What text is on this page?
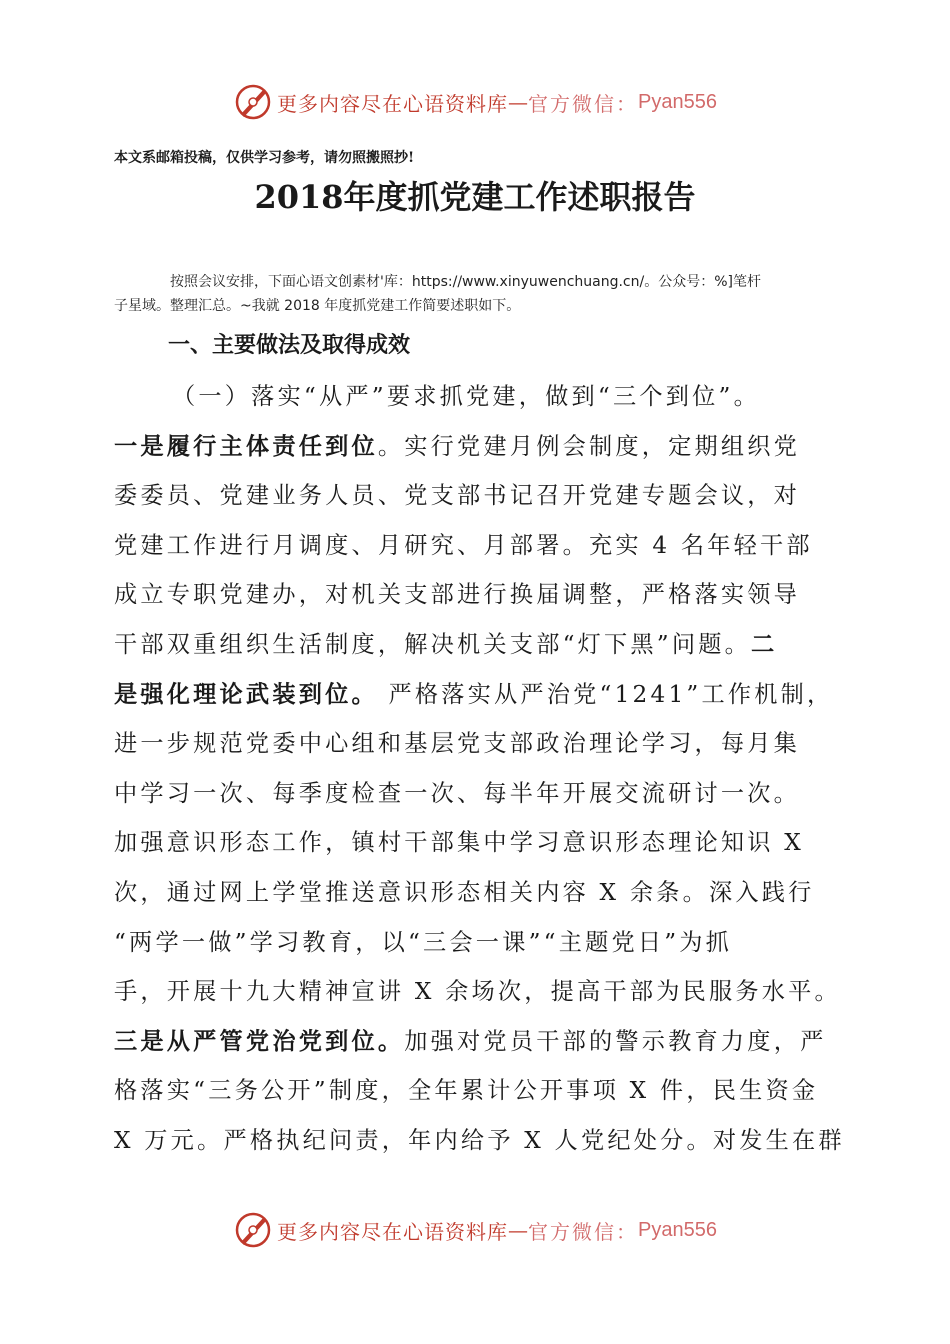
更多内容尽在心语资料库 — 官方微信： Pyan556
本文系邮箱投稿，仅供学习参考，请勿照搬照抄!
2018年度抓党建工作述职报告
按照会议安排，下面心语文创素材'库：https://www.xinyuwenchuang.cn/。公众号：%]笔杆
子星域。整理汇总。~我就 2018 年度抓党建工作简要述职如下。
一、主要做法及取得成效
（一）落实“从严”要求抓党建，做到“三个到位”。
一是履行主体责任到位。实行党建月例会制度，定期组织党
委委员、党建业务人员、党支部书记召开党建专题会议，对
党建工作进行月调度、月研究、月部署。充实 4 名年轻干部
成立专职党建办，对机关支部进行换届调整，严格落实领导
干部双重组织生活制度，解决机关支部“灯下黑”问题。二
是强化理论武装到位。 严格落实从严治党“1241”工作机制，
进一步规范党委中心组和基层党支部政治理论学习，每月集
中学习一次、每季度检查一次、每半年开展交流研讨一次。
加强意识形态工作，镇村干部集中学习意识形态理论知识 X
次，通过网上学堂推送意识形态相关内容 X 余条。深入践行
“两学一做”学习教育，以“三会一课”“主题党日”为抓
手，开展十九大精神宣讲 X 余场次，提高干部为民服务水平。
三是从严管党治党到位。加强对党员干部的警示教育力度，严
格落实“三务公开”制度，全年累计公开事项 X 件，民生资金
X 万元。严格执纪问责，年内给予 X 人党纪处分。对发生在群
更多内容尽在心语资料库 — 官方微信： Pyan556
